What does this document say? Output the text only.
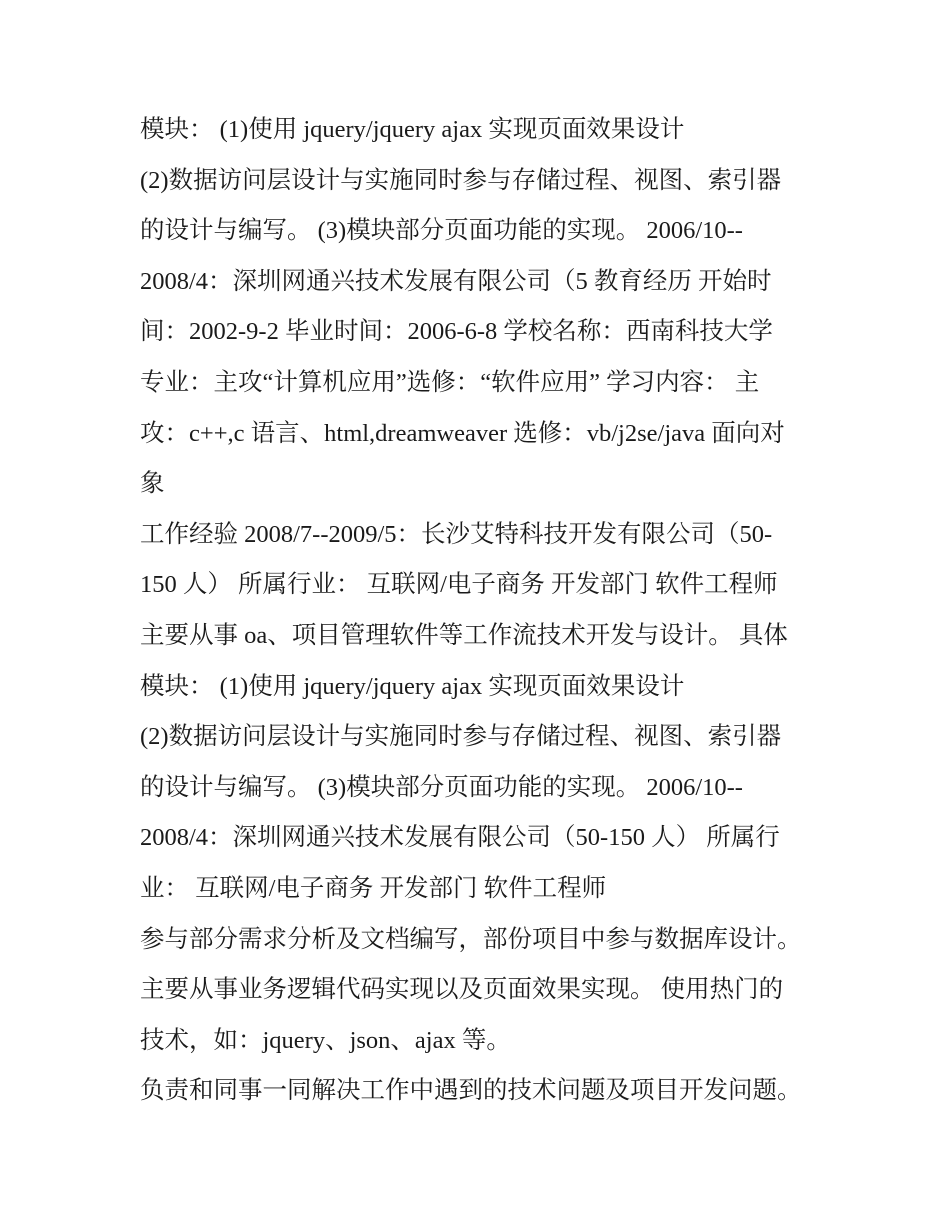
模块： (1)使用 jquery/jquery ajax 实现页面效果设计
(2)数据访问层设计与实施同时参与存储过程、视图、索引器
的设计与编写。 (3)模块部分页面功能的实现。 2006/10--
2008/4：深圳网通兴技术发展有限公司（5 教育经历 开始时
间：2002-9-2 毕业时间：2006-6-8 学校名称：西南科技大学
专业：主攻“计算机应用”选修：“软件应用” 学习内容： 主
攻：c++,c 语言、html,dreamweaver 选修：vb/j2se/java 面向对
象
工作经验 2008/7--2009/5：长沙艾特科技开发有限公司（50-
150 人） 所属行业： 互联网/电子商务 开发部门 软件工程师
主要从事 oa、项目管理软件等工作流技术开发与设计。 具体
模块： (1)使用 jquery/jquery ajax 实现页面效果设计
(2)数据访问层设计与实施同时参与存储过程、视图、索引器
的设计与编写。 (3)模块部分页面功能的实现。 2006/10--
2008/4：深圳网通兴技术发展有限公司（50-150 人） 所属行
业： 互联网/电子商务 开发部门 软件工程师
参与部分需求分析及文档编写，部份项目中参与数据库设计。
主要从事业务逻辑代码实现以及页面效果实现。 使用热门的
技术，如：jquery、json、ajax 等。
负责和同事一同解决工作中遇到的技术问题及项目开发问题。
